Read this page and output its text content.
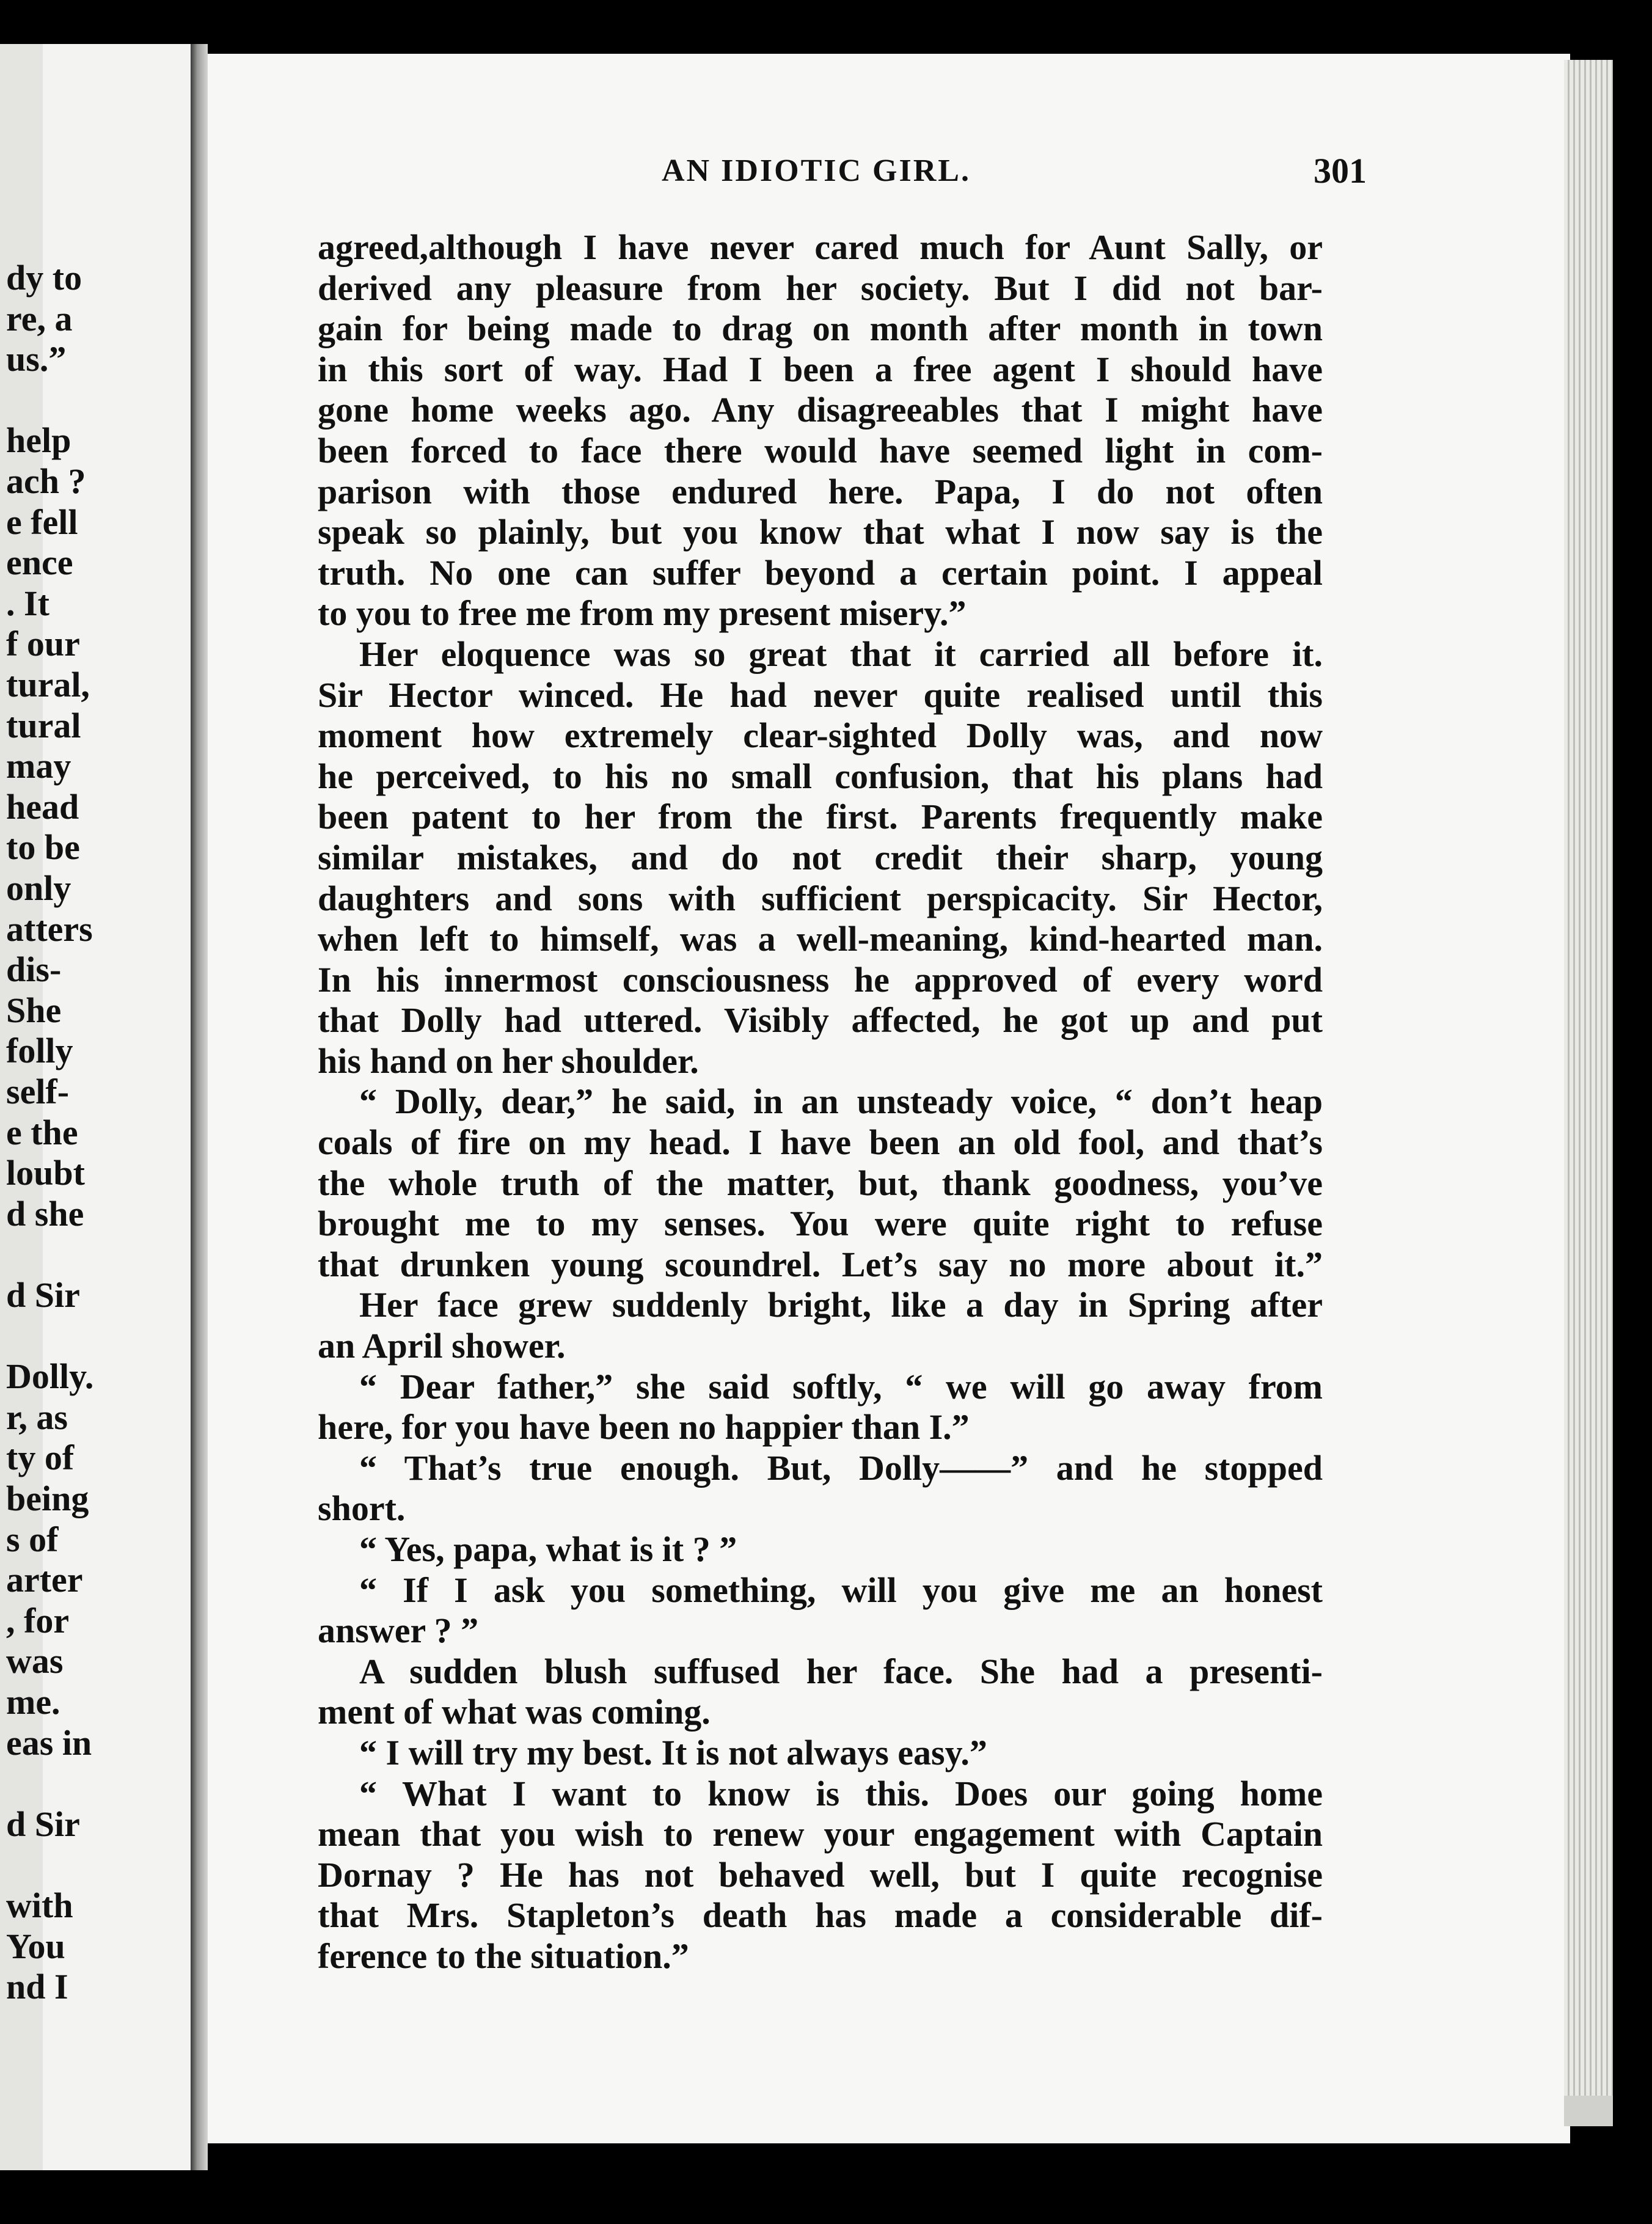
dy to
re, a
us.”
help
ach ?
e fell
ence
. It
f our
tural,
tural
may
head
to be
only
atters
dis-
She
folly
self-
e the
loubt
d she
d Sir
Dolly.
r, as
ty of
being
s of
arter
, for
was
me.
eas in
d Sir
with
You
nd I
AN IDIOTIC GIRL.	301
agreed,although I have never cared much for Aunt Sally, or
derived any pleasure from her society. But I did not bar-
gain for being made to drag on month after month in town
in this sort of way. Had I been a free agent I should have
gone home weeks ago. Any disagreeables that I might have
been forced to face there would have seemed light in com-
parison with those endured here. Papa, I do not often
speak so plainly, but you know that what I now say is the
truth. No one can suffer beyond a certain point. I appeal
to you to free me from my present misery.”
Her eloquence was so great that it carried all before it.
Sir Hector winced. He had never quite realised until this
moment how extremely clear-sighted Dolly was, and now
he perceived, to his no small confusion, that his plans had
been patent to her from the first. Parents frequently make
similar mistakes, and do not credit their sharp, young
daughters and sons with sufficient perspicacity. Sir Hector,
when left to himself, was a well-meaning, kind-hearted man.
In his innermost consciousness he approved of every word
that Dolly had uttered. Visibly affected, he got up and put
his hand on her shoulder.
“ Dolly, dear,” he said, in an unsteady voice, “ don’t heap
coals of fire on my head. I have been an old fool, and that’s
the whole truth of the matter, but, thank goodness, you’ve
brought me to my senses. You were quite right to refuse
that drunken young scoundrel. Let’s say no more about it.”
Her face grew suddenly bright, like a day in Spring after
an April shower.
“ Dear father,” she said softly, “ we will go away from
here, for you have been no happier than I.”
“ That’s true enough. But, Dolly——” and he stopped
short.
“ Yes, papa, what is it ? ”
“ If I ask you something, will you give me an honest
answer ? ”
A sudden blush suffused her face. She had a presenti-
ment of what was coming.
“ I will try my best. It is not always easy.”
“ What I want to know is this. Does our going home
mean that you wish to renew your engagement with Captain
Dornay ? He has not behaved well, but I quite recognise
that Mrs. Stapleton’s death has made a considerable dif-
ference to the situation.”
